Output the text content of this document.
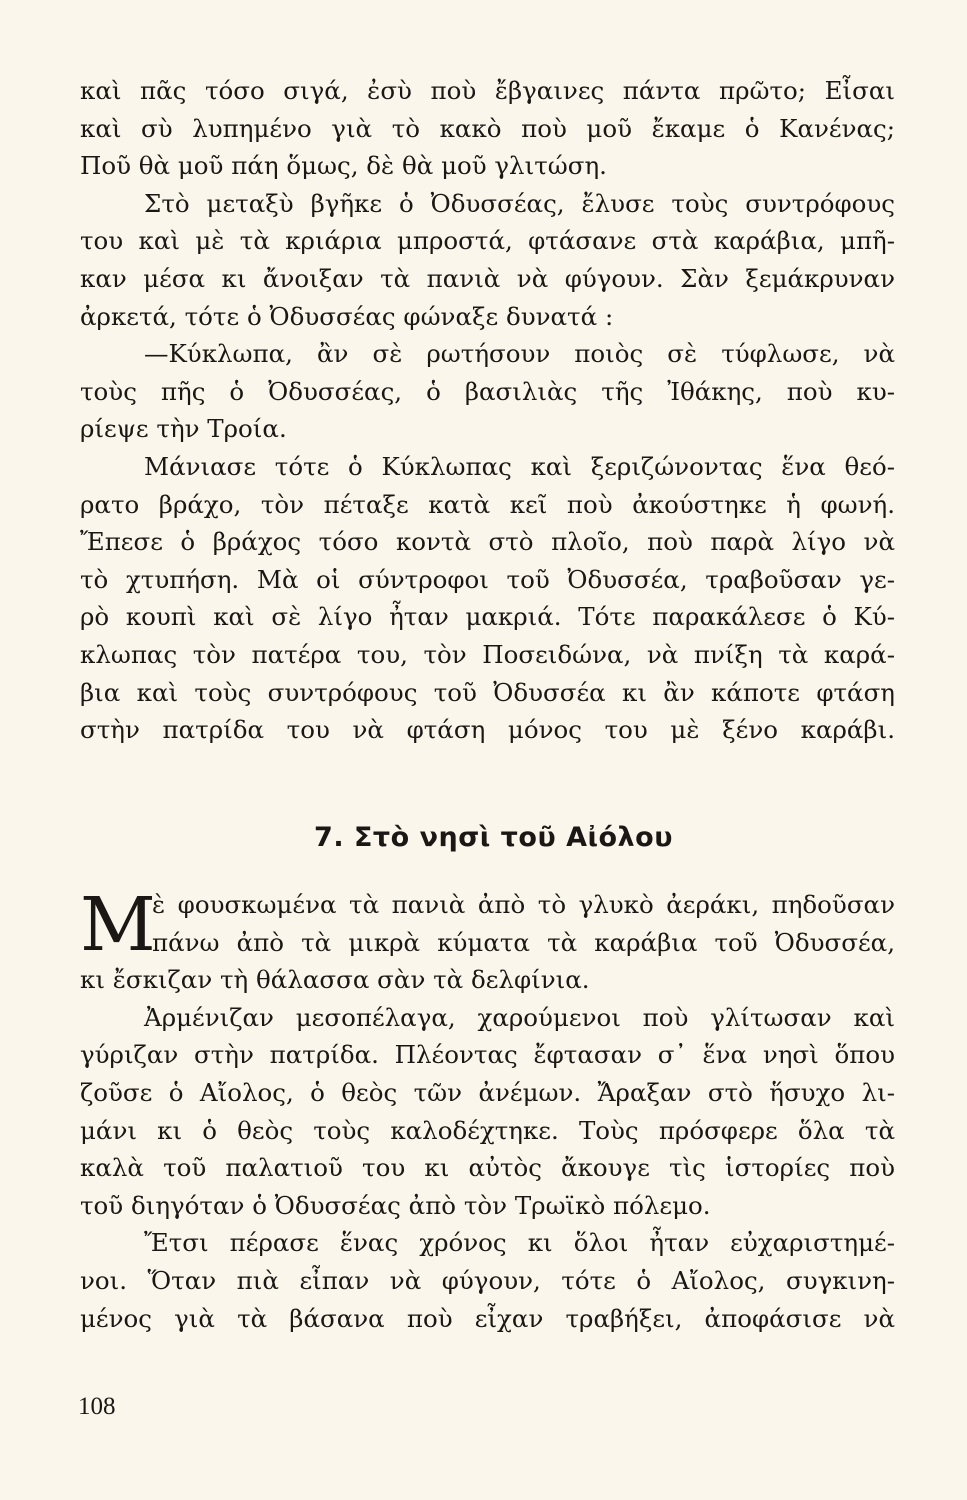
καὶ πᾶς τόσο σιγά, ἐσὺ ποὺ ἔβγαινες πάντα πρῶτο; Εἶσαι
καὶ σὺ λυπημένο γιὰ τὸ κακὸ ποὺ μοῦ ἔκαμε ὁ Κανένας;
Ποῦ θὰ μοῦ πάη ὅμως, δὲ θὰ μοῦ γλιτώση.
Στὸ μεταξὺ βγῆκε ὁ Ὀδυσσέας, ἔλυσε τοὺς συντρόφους
του καὶ μὲ τὰ κριάρια μπροστά, φτάσανε στὰ καράβια, μπῆ-
καν μέσα κι ἄνοιξαν τὰ πανιὰ νὰ φύγουν. Σὰν ξεμάκρυναν
ἀρκετά, τότε ὁ Ὀδυσσέας φώναξε δυνατά :
—Κύκλωπα, ἂν σὲ ρωτήσουν ποιὸς σὲ τύφλωσε, νὰ
τοὺς πῆς ὁ Ὀδυσσέας, ὁ βασιλιὰς τῆς Ἰθάκης, ποὺ κυ-
ρίεψε τὴν Τροία.
Μάνιασε τότε ὁ Κύκλωπας καὶ ξεριζώνοντας ἕνα θεό-
ρατο βράχο, τὸν πέταξε κατὰ κεῖ ποὺ ἀκούστηκε ἡ φωνή.
Ἔπεσε ὁ βράχος τόσο κοντὰ στὸ πλοῖο, ποὺ παρὰ λίγο νὰ
τὸ χτυπήση. Μὰ οἱ σύντροφοι τοῦ Ὀδυσσέα, τραβοῦσαν γε-
ρὸ κουπὶ καὶ σὲ λίγο ἦταν μακριά. Τότε παρακάλεσε ὁ Κύ-
κλωπας τὸν πατέρα του, τὸν Ποσειδώνα, νὰ πνίξη τὰ καρά-
βια καὶ τοὺς συντρόφους τοῦ Ὀδυσσέα κι ἂν κάποτε φτάση
στὴν πατρίδα του νὰ φτάση μόνος του μὲ ξένο καράβι.
7. Στὸ νησὶ τοῦ Αἰόλου
Μ
ὲ φουσκωμένα τὰ πανιὰ ἀπὸ τὸ γλυκὸ ἀεράκι, πηδοῦσαν
πάνω ἀπὸ τὰ μικρὰ κύματα τὰ καράβια τοῦ Ὀδυσσέα,
κι ἔσκιζαν τὴ θάλασσα σὰν τὰ δελφίνια.
Ἀρμένιζαν μεσοπέλαγα, χαρούμενοι ποὺ γλίτωσαν καὶ
γύριζαν στὴν πατρίδα. Πλέοντας ἔφτασαν σ᾽ ἕνα νησὶ ὅπου
ζοῦσε ὁ Αἴολος, ὁ θεὸς τῶν ἀνέμων. Ἄραξαν στὸ ἥσυχο λι-
μάνι κι ὁ θεὸς τοὺς καλοδέχτηκε. Τοὺς πρόσφερε ὅλα τὰ
καλὰ τοῦ παλατιοῦ του κι αὐτὸς ἄκουγε τὶς ἱστορίες ποὺ
τοῦ διηγόταν ὁ Ὀδυσσέας ἀπὸ τὸν Τρωϊκὸ πόλεμο.
Ἔτσι πέρασε ἕνας χρόνος κι ὅλοι ἦταν εὐχαριστημέ-
νοι. Ὅταν πιὰ εἶπαν νὰ φύγουν, τότε ὁ Αἴολος, συγκινη-
μένος γιὰ τὰ βάσανα ποὺ εἶχαν τραβήξει, ἀποφάσισε νὰ
108
